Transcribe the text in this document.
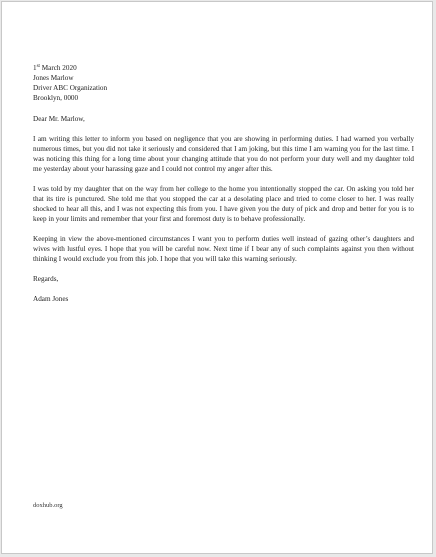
1st March 2020
Jones Marlow
Driver ABC Organization
Brooklyn, 0000
Dear Mr. Marlow,
I am writing this letter to inform you based on negligence that you are showing in performing duties. I had warned you verbally numerous times, but you did not take it seriously and considered that I am joking, but this time I am warning you for the last time. I was noticing this thing for a long time about your changing attitude that you do not perform your duty well and my daughter told me yesterday about your harassing gaze and I could not control my anger after this.
I was told by my daughter that on the way from her college to the home you intentionally stopped the car. On asking you told her that its tire is punctured. She told me that you stopped the car at a desolating place and tried to come closer to her. I was really shocked to hear all this, and I was not expecting this from you. I have given you the duty of pick and drop and better for you is to keep in your limits and remember that your first and foremost duty is to behave professionally.
Keeping in view the above-mentioned circumstances I want you to perform duties well instead of gazing other’s daughters and wives with lustful eyes. I hope that you will be careful now. Next time if I bear any of such complaints against you then without thinking I would exclude you from this job. I hope that you will take this warning seriously.
Regards,
Adam Jones
doxhub.org
